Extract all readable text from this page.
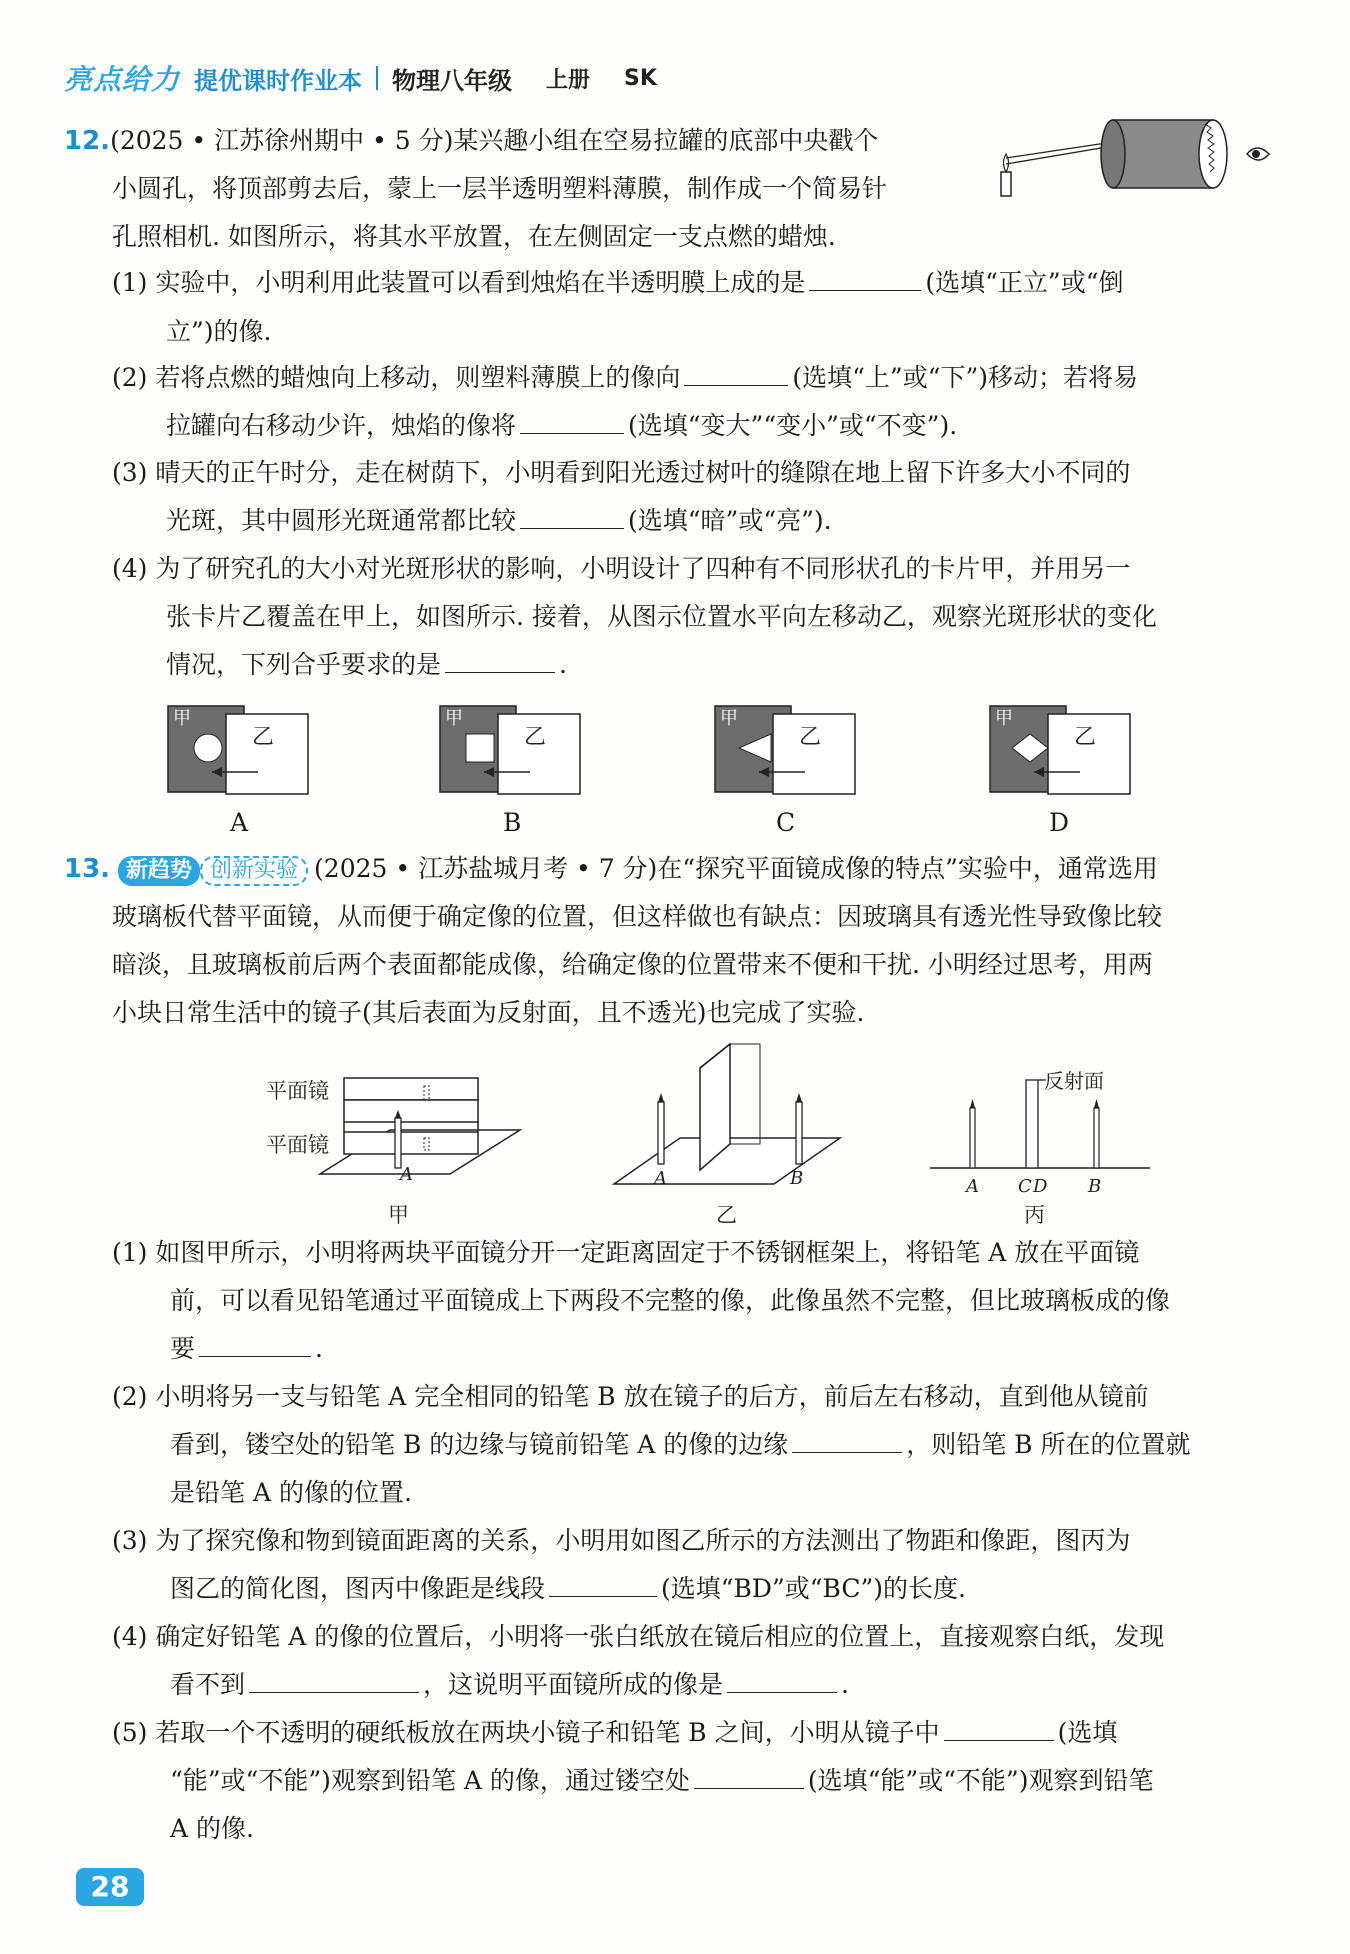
亮点给力 提优课时作业本 物理八年级 上册 SK
12.(2025 • 江苏徐州期中 • 5 分)某兴趣小组在空易拉罐的底部中央戳个
小圆孔，将顶部剪去后，蒙上一层半透明塑料薄膜，制作成一个简易针
孔照相机. 如图所示，将其水平放置，在左侧固定一支点燃的蜡烛.
(1) 实验中，小明利用此装置可以看到烛焰在半透明膜上成的是	(选填“正立”或“倒
立”)的像.
(2) 若将点燃的蜡烛向上移动，则塑料薄膜上的像向	(选填“上”或“下”)移动；若将易
拉罐向右移动少许，烛焰的像将	(选填“变大”“变小”或“不变”).
(3) 晴天的正午时分，走在树荫下，小明看到阳光透过树叶的缝隙在地上留下许多大小不同的
光斑，其中圆形光斑通常都比较	(选填“暗”或“亮”).
(4) 为了研究孔的大小对光斑形状的影响，小明设计了四种有不同形状孔的卡片甲，并用另一
张卡片乙覆盖在甲上，如图所示. 接着，从图示位置水平向左移动乙，观察光斑形状的变化
情况，下列合乎要求的是	.
甲
乙
甲
乙
甲
乙
甲
乙
A	B	C	D
13. 新趋势 创新实验 (2025 • 江苏盐城月考 • 7 分)在“探究平面镜成像的特点”实验中，通常选用
玻璃板代替平面镜，从而便于确定像的位置，但这样做也有缺点：因玻璃具有透光性导致像比较
暗淡，且玻璃板前后两个表面都能成像，给确定像的位置带来不便和干扰. 小明经过思考，用两
小块日常生活中的镜子(其后表面为反射面，且不透光)也完成了实验.
平面镜
平面镜
A
甲
A	B
乙
反射面
A C D B
丙
(1) 如图甲所示，小明将两块平面镜分开一定距离固定于不锈钢框架上，将铅笔 A 放在平面镜
前，可以看见铅笔通过平面镜成上下两段不完整的像，此像虽然不完整，但比玻璃板成的像
要	.
(2) 小明将另一支与铅笔 A 完全相同的铅笔 B 放在镜子的后方，前后左右移动，直到他从镜前
看到，镂空处的铅笔 B 的边缘与镜前铅笔 A 的像的边缘	，则铅笔 B 所在的位置就
是铅笔 A 的像的位置.
(3) 为了探究像和物到镜面距离的关系，小明用如图乙所示的方法测出了物距和像距，图丙为
图乙的简化图，图丙中像距是线段	(选填“BD”或“BC”)的长度.
(4) 确定好铅笔 A 的像的位置后，小明将一张白纸放在镜后相应的位置上，直接观察白纸，发现
看不到	，这说明平面镜所成的像是	.
(5) 若取一个不透明的硬纸板放在两块小镜子和铅笔 B 之间，小明从镜子中	(选填
“能”或“不能”)观察到铅笔 A 的像，通过镂空处	(选填“能”或“不能”)观察到铅笔
A 的像.
28
